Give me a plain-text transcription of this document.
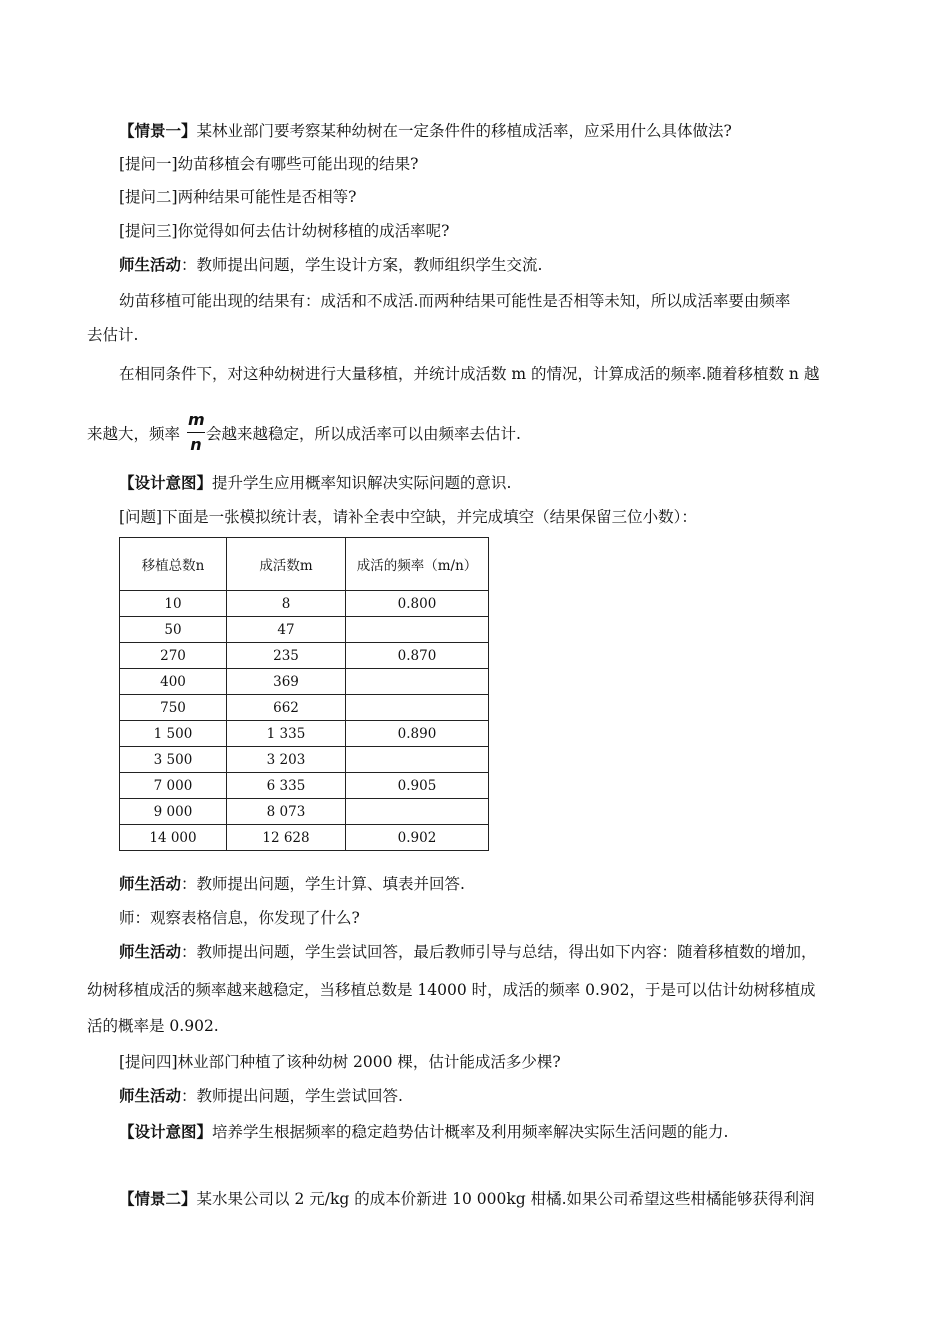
【情景一】某林业部门要考察某种幼树在一定条件件的移植成活率，应采用什么具体做法?
[提问一]幼苗移植会有哪些可能出现的结果?
[提问二]两种结果可能性是否相等?
[提问三]你觉得如何去估计幼树移植的成活率呢?
师生活动：教师提出问题，学生设计方案，教师组织学生交流.
幼苗移植可能出现的结果有：成活和不成活.而两种结果可能性是否相等未知，所以成活率要由频率
去估计.
在相同条件下，对这种幼树进行大量移植，并统计成活数 m 的情况，计算成活的频率.随着移植数 n 越
来越大，频率
m
n
会越来越稳定，所以成活率可以由频率去估计.
【设计意图】提升学生应用概率知识解决实际问题的意识.
[问题]下面是一张模拟统计表，请补全表中空缺，并完成填空（结果保留三位小数）：
移植总数n	成活数m	成活的频率（m/n）
10	8	0.800
50	47	
270	235	0.870
400	369	
750	662	
1 500	1 335	0.890
3 500	3 203	
7 000	6 335	0.905
9 000	8 073	
14 000	12 628	0.902
师生活动：教师提出问题，学生计算、填表并回答.
师：观察表格信息，你发现了什么?
师生活动：教师提出问题，学生尝试回答，最后教师引导与总结，得出如下内容：随着移植数的增加，
幼树移植成活的频率越来越稳定，当移植总数是 14000 时，成活的频率 0.902，于是可以估计幼树移植成
活的概率是 0.902.
[提问四]林业部门种植了该种幼树 2000 棵，估计能成活多少棵?
师生活动：教师提出问题，学生尝试回答.
【设计意图】培养学生根据频率的稳定趋势估计概率及利用频率解决实际生活问题的能力.
【情景二】某水果公司以 2 元/kg 的成本价新进 10 000kg 柑橘.如果公司希望这些柑橘能够获得利润
